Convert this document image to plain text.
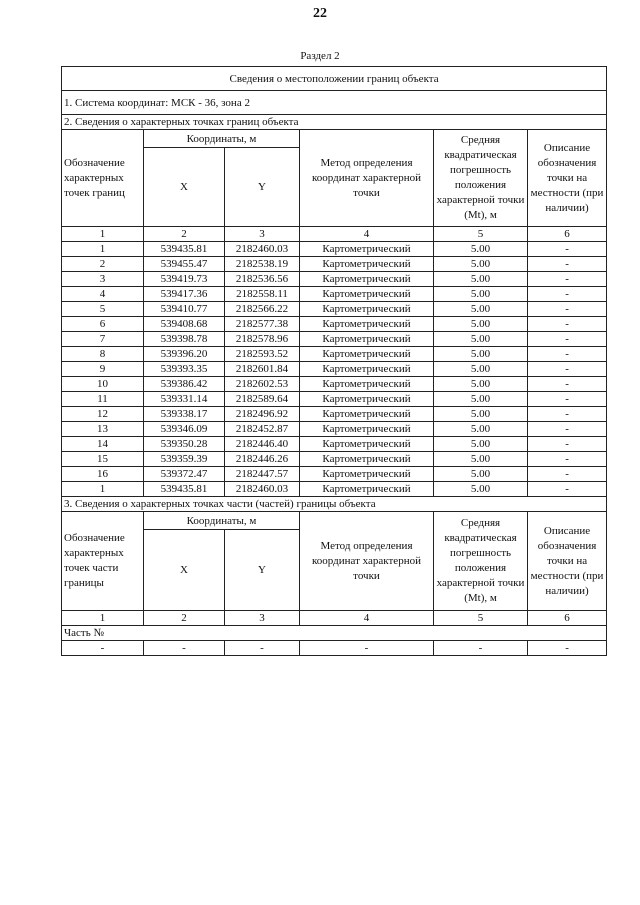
22
Раздел 2
Сведения о местоположении границ объекта					
1. Система координат: МСК - 36, зона 2					
2. Сведения о характерных точках границ объекта					
Обозначение характерных точек границ	Координаты, м		Метод определения координат характерной точки	Средняя квадратическая погрешность положения характерной точки (Mt), м	Описание обозначения точки на местности (при наличии)
	X	Y			
1	2	3	4	5	6
1	539435.81	2182460.03	Картометрический	5.00	-
2	539455.47	2182538.19	Картометрический	5.00	-
3	539419.73	2182536.56	Картометрический	5.00	-
4	539417.36	2182558.11	Картометрический	5.00	-
5	539410.77	2182566.22	Картометрический	5.00	-
6	539408.68	2182577.38	Картометрический	5.00	-
7	539398.78	2182578.96	Картометрический	5.00	-
8	539396.20	2182593.52	Картометрический	5.00	-
9	539393.35	2182601.84	Картометрический	5.00	-
10	539386.42	2182602.53	Картометрический	5.00	-
11	539331.14	2182589.64	Картометрический	5.00	-
12	539338.17	2182496.92	Картометрический	5.00	-
13	539346.09	2182452.87	Картометрический	5.00	-
14	539350.28	2182446.40	Картометрический	5.00	-
15	539359.39	2182446.26	Картометрический	5.00	-
16	539372.47	2182447.57	Картометрический	5.00	-
1	539435.81	2182460.03	Картометрический	5.00	-
3. Сведения о характерных точках части (частей) границы объекта					
Обозначение характерных точек части границы	Координаты, м		Метод определения координат характерной точки	Средняя квадратическая погрешность положения характерной точки (Mt), м	Описание обозначения точки на местности (при наличии)
	X	Y			
1	2	3	4	5	6
Часть №					
-	-	-	-	-	-
